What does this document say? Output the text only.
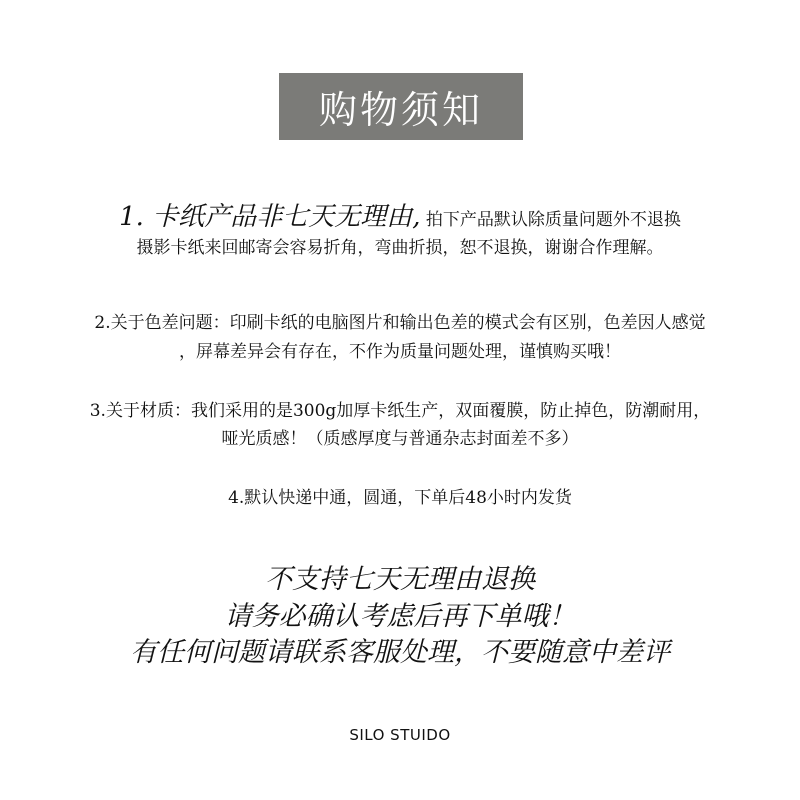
购物须知
1. 卡纸产品非七天无理由, 拍下产品默认除质量问题外不退换
摄影卡纸来回邮寄会容易折角，弯曲折损，恕不退换，谢谢合作理解。
2.关于色差问题：印刷卡纸的电脑图片和输出色差的模式会有区别，色差因人感觉
，屏幕差异会有存在，不作为质量问题处理，谨慎购买哦！
3.关于材质：我们采用的是300g加厚卡纸生产，双面覆膜，防止掉色，防潮耐用，
哑光质感！（质感厚度与普通杂志封面差不多）
4.默认快递中通，圆通，下单后48小时内发货
不支持七天无理由退换
请务必确认考虑后再下单哦！
有任何问题请联系客服处理，不要随意中差评
SILO STUIDO
